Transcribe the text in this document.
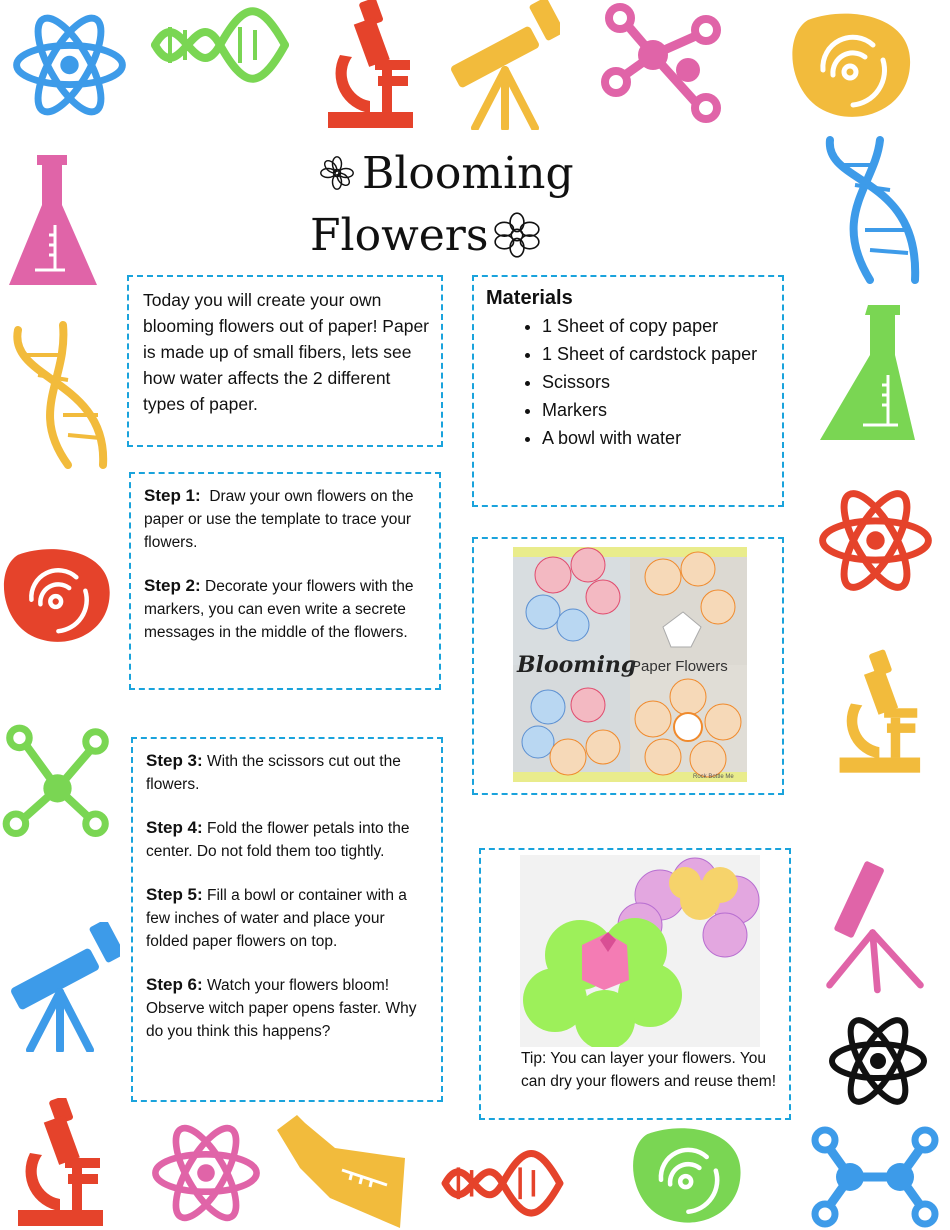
Blooming
Flowers

Today you will create your own blooming flowers out of paper! Paper is made up of small fibers, lets see how water affects the 2 different types of paper.

Materials
• 1 Sheet of copy paper
• 1 Sheet of cardstock paper
• Scissors
• Markers
• A bowl with water

Step 1: Draw your own flowers on the paper or use the template to trace your flowers.

Step 2: Decorate your flowers with the markers, you can even write a secrete messages in the middle of the flowers.

Step 3: With the scissors cut out the flowers.

Step 4: Fold the flower petals into the center. Do not fold them too tightly.

Step 5: Fill a bowl or container with a few inches of water and place your folded paper flowers on top.

Step 6: Watch your flowers bloom! Observe witch paper opens faster. Why do you think this happens?

Blooming
Paper Flowers
Rock Bottle Me

Tip: You can layer your flowers. You can dry your flowers and reuse them!
